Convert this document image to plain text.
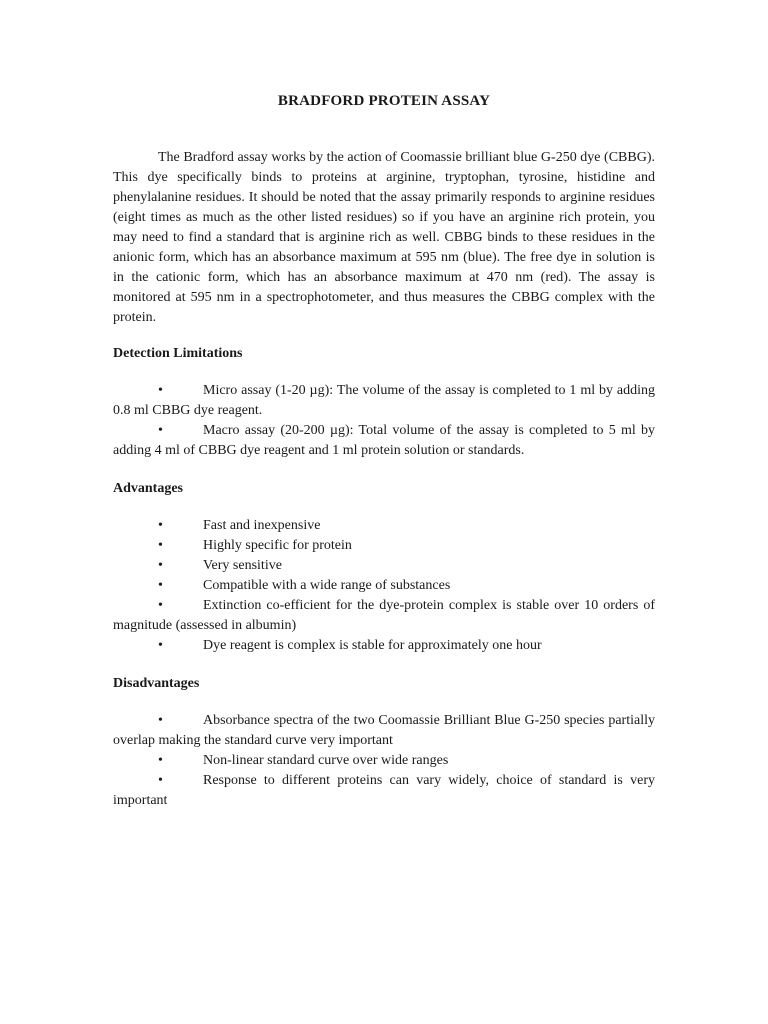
BRADFORD PROTEIN ASSAY
The Bradford assay works by the action of Coomassie brilliant blue G-250 dye (CBBG). This dye specifically binds to proteins at arginine, tryptophan, tyrosine, histidine and phenylalanine residues. It should be noted that the assay primarily responds to arginine residues (eight times as much as the other listed residues) so if you have an arginine rich protein, you may need to find a standard that is arginine rich as well. CBBG binds to these residues in the anionic form, which has an absorbance maximum at 595 nm (blue). The free dye in solution is in the cationic form, which has an absorbance maximum at 470 nm (red). The assay is monitored at 595 nm in a spectrophotometer, and thus measures the CBBG complex with the protein.
Detection Limitations
•	Micro assay (1-20 µg): The volume of the assay is completed to 1 ml by adding 0.8 ml CBBG dye reagent.
•	Macro assay (20-200 µg): Total volume of the assay is completed to 5 ml by adding 4 ml of CBBG dye reagent and 1 ml protein solution or standards.
Advantages
•	Fast and inexpensive
•	Highly specific for protein
•	Very sensitive
•	Compatible with a wide range of substances
•	Extinction co-efficient for the dye-protein complex is stable over 10 orders of magnitude (assessed in albumin)
•	Dye reagent is complex is stable for approximately one hour
Disadvantages
•	Absorbance spectra of the two Coomassie Brilliant Blue G-250 species partially overlap making the standard curve very important
•	Non-linear standard curve over wide ranges
•	Response to different proteins can vary widely, choice of standard is very important
